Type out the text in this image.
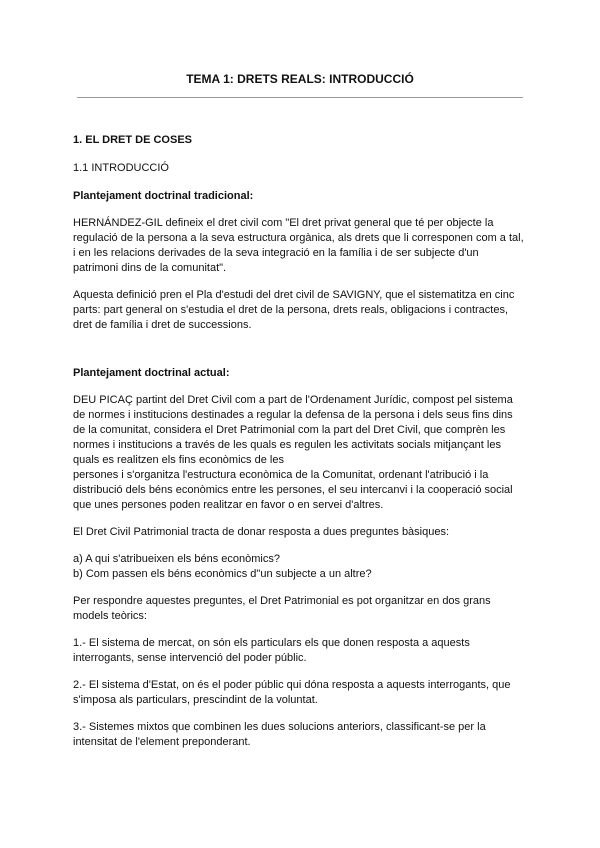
TEMA 1: DRETS REALS: INTRODUCCIÓ
1. EL DRET DE COSES
1.1 INTRODUCCIÓ
Plantejament doctrinal tradicional:

HERNÁNDEZ-GIL defineix el dret civil com "El dret privat general que té per objecte la
regulació de la persona a la seva estructura orgànica, als drets que li corresponen com a tal,
i en les relacions derivades de la seva integració en la família i de ser subjecte d'un
patrimoni dins de la comunitat".

Aquesta definició pren el Pla d'estudi del dret civil de SAVIGNY, que el sistematitza en cinc
parts: part general on s'estudia el dret de la persona, drets reals, obligacions i contractes,
dret de família i dret de successions.

Plantejament doctrinal actual:

DEU PICAÇ partint del Dret Civil com a part de l'Ordenament Jurídic, compost pel sistema
de normes i institucions destinades a regular la defensa de la persona i dels seus fins dins
de la comunitat, considera el Dret Patrimonial com la part del Dret Civil, que comprèn les
normes i institucions a través de les quals es regulen les activitats socials mitjançant les
quals es realitzen els fins econòmics de les
persones i s'organitza l'estructura econòmica de la Comunitat, ordenant l'atribució i la
distribució dels béns econòmics entre les persones, el seu intercanvi i la cooperació social
que unes persones poden realitzar en favor o en servei d'altres.

El Dret Civil Patrimonial tracta de donar resposta a dues preguntes bàsiques:

a) A qui s'atribueixen els béns econòmics?

b) Com passen els béns econòmics d"un subjecte a un altre?

Per respondre aquestes preguntes, el Dret Patrimonial es pot organitzar en dos grans
models teòrics:

1.- El sistema de mercat, on són els particulars els que donen resposta a aquests
interrogants, sense intervenció del poder públic.

2.- El sistema d'Estat, on és el poder públic qui dóna resposta a aquests interrogants, que
s'imposa als particulars, prescindint de la voluntat.

3.- Sistemes mixtos que combinen les dues solucions anteriors, classificant-se per la
intensitat de l'element preponderant.
